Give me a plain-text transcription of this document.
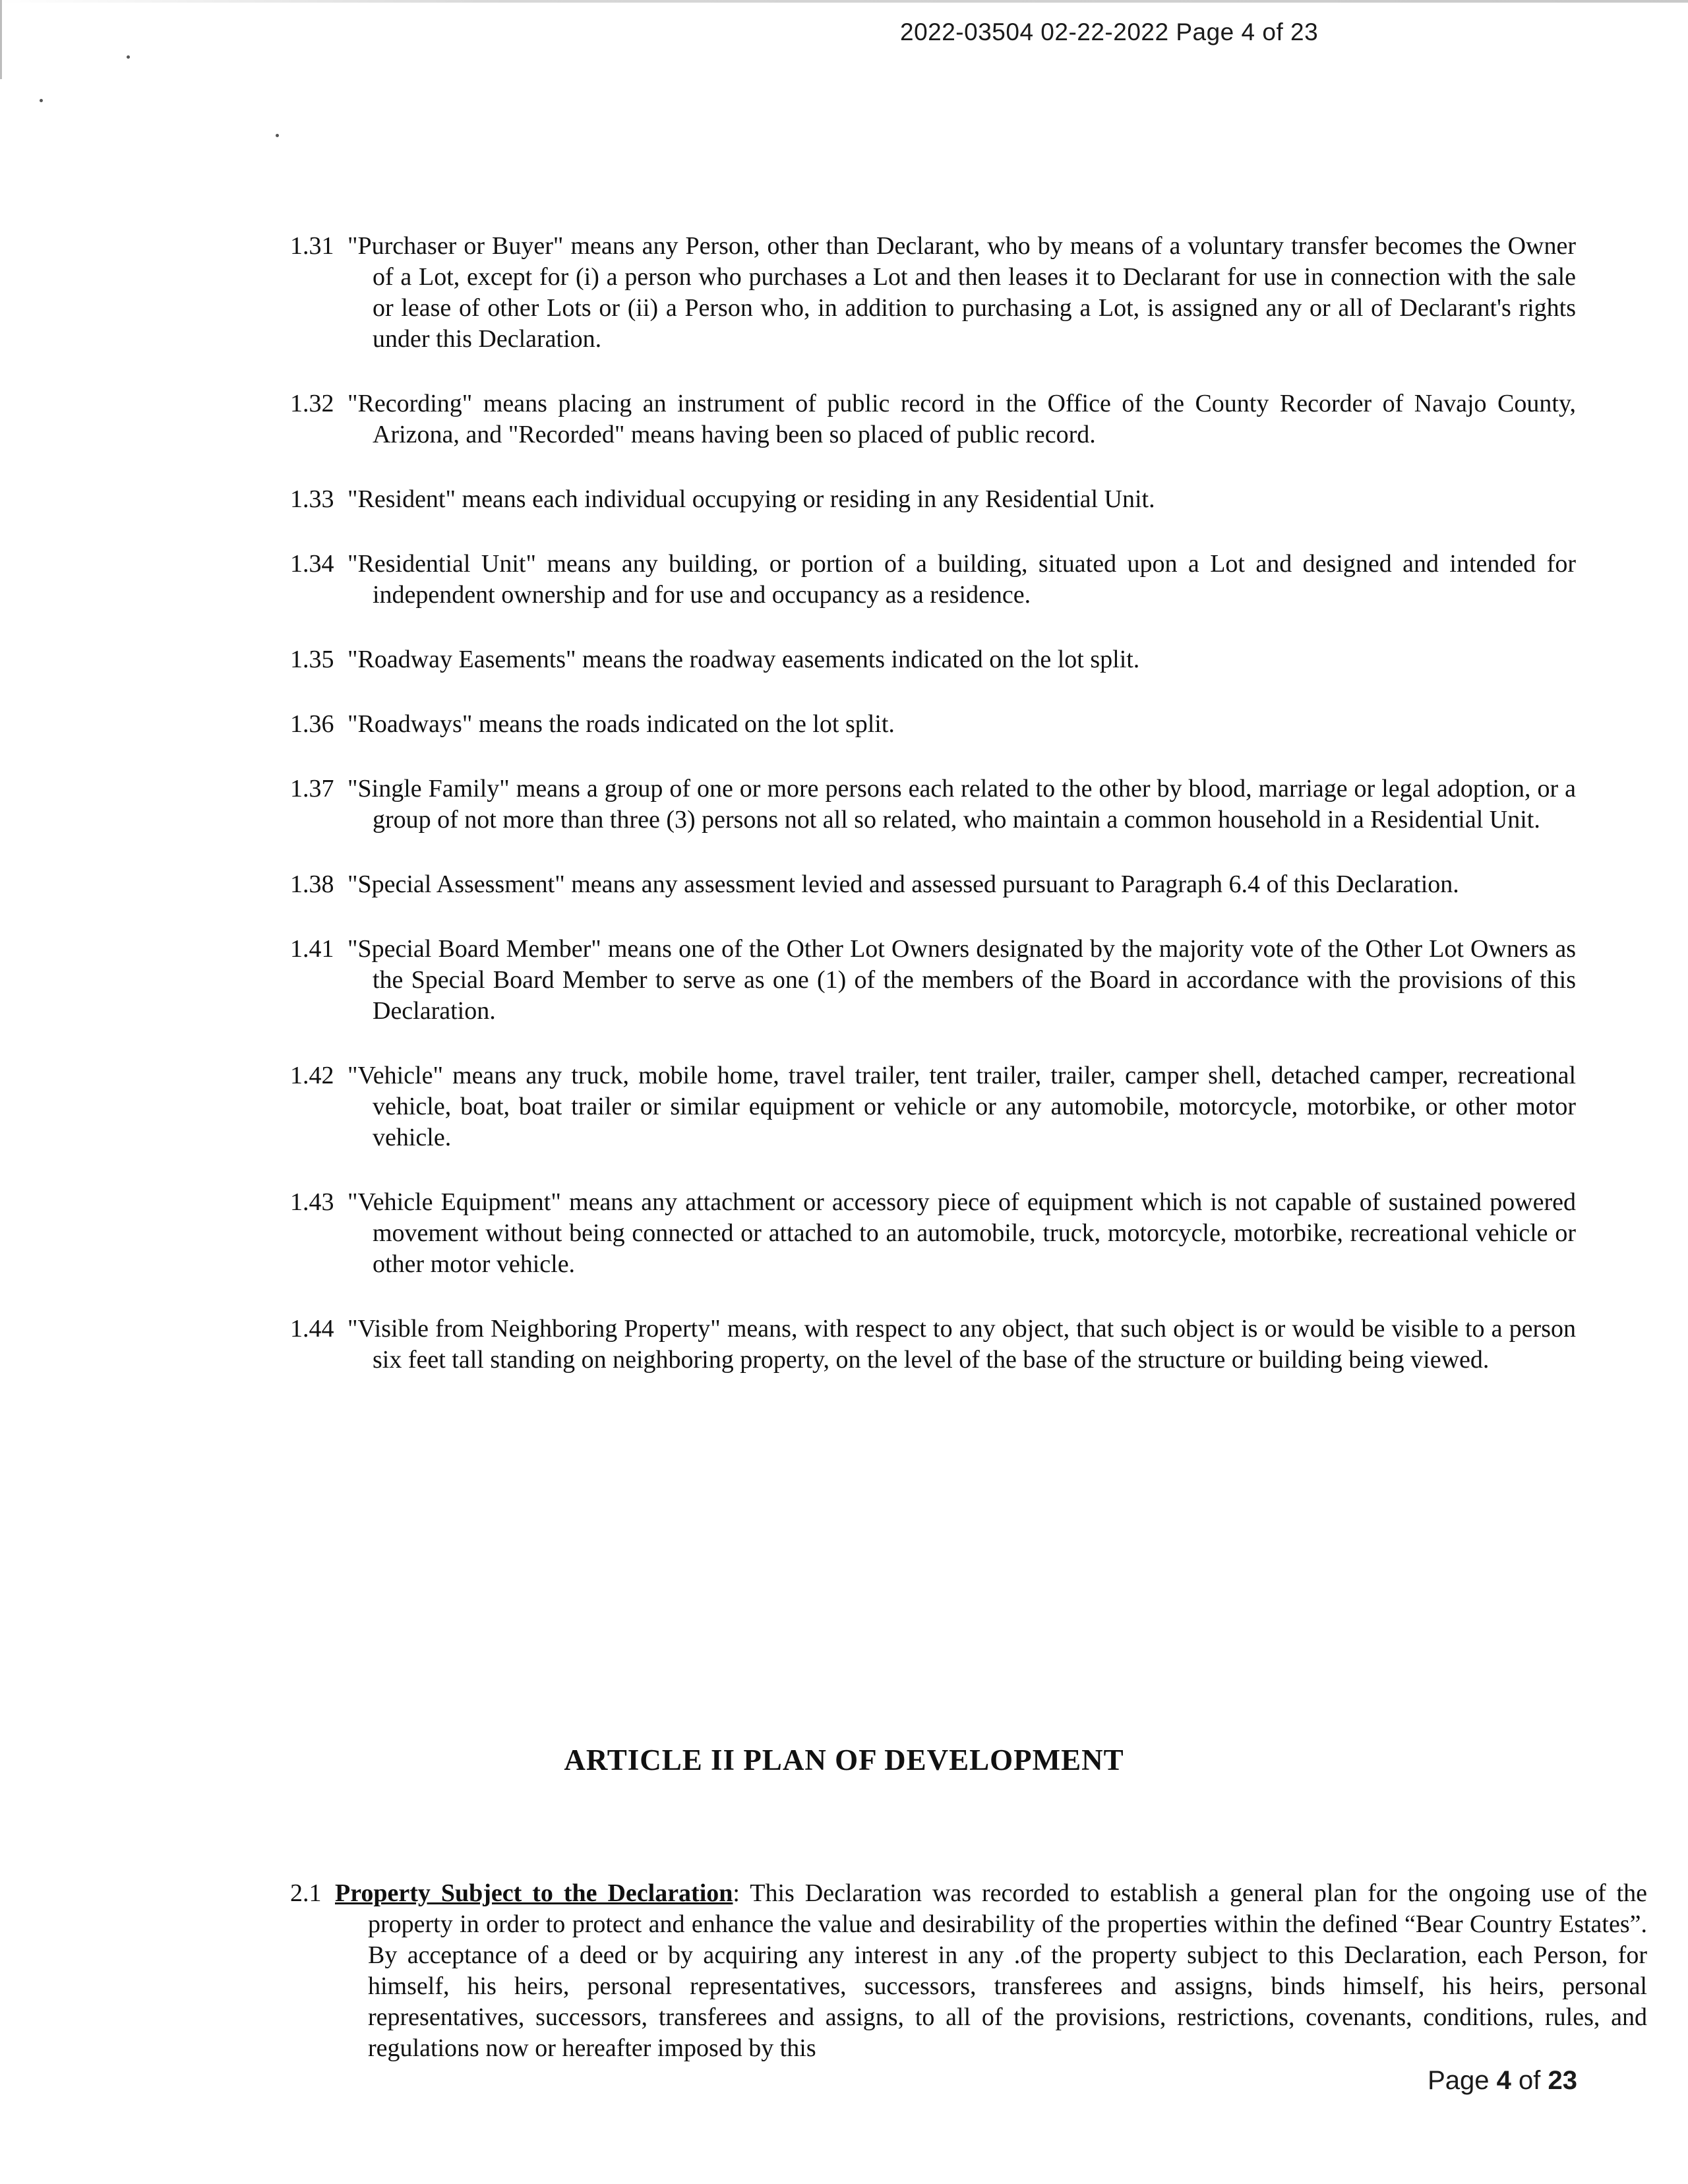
2022-03504 02-22-2022 Page 4 of 23

1.31 "Purchaser or Buyer" means any Person, other than Declarant, who by means of a voluntary transfer becomes the Owner of a Lot, except for (i) a person who purchases a Lot and then leases it to Declarant for use in connection with the sale or lease of other Lots or (ii) a Person who, in addition to purchasing a Lot, is assigned any or all of Declarant's rights under this Declaration.

1.32 "Recording" means placing an instrument of public record in the Office of the County Recorder of Navajo County, Arizona, and "Recorded" means having been so placed of public record.

1.33 "Resident" means each individual occupying or residing in any Residential Unit.

1.34 "Residential Unit" means any building, or portion of a building, situated upon a Lot and designed and intended for independent ownership and for use and occupancy as a residence.

1.35 "Roadway Easements" means the roadway easements indicated on the lot split.

1.36 "Roadways" means the roads indicated on the lot split.

1.37 "Single Family" means a group of one or more persons each related to the other by blood, marriage or legal adoption, or a group of not more than three (3) persons not all so related, who maintain a common household in a Residential Unit.

1.38 "Special Assessment" means any assessment levied and assessed pursuant to Paragraph 6.4 of this Declaration.

1.41 "Special Board Member" means one of the Other Lot Owners designated by the majority vote of the Other Lot Owners as the Special Board Member to serve as one (1) of the members of the Board in accordance with the provisions of this Declaration.

1.42 "Vehicle" means any truck, mobile home, travel trailer, tent trailer, trailer, camper shell, detached camper, recreational vehicle, boat, boat trailer or similar equipment or vehicle or any automobile, motorcycle, motorbike, or other motor vehicle.

1.43 "Vehicle Equipment" means any attachment or accessory piece of equipment which is not capable of sustained powered movement without being connected or attached to an automobile, truck, motorcycle, motorbike, recreational vehicle or other motor vehicle.

1.44 "Visible from Neighboring Property" means, with respect to any object, that such object is or would be visible to a person six feet tall standing on neighboring property, on the level of the base of the structure or building being viewed.

ARTICLE II PLAN OF DEVELOPMENT

2.1 Property Subject to the Declaration: This Declaration was recorded to establish a general plan for the ongoing use of the property in order to protect and enhance the value and desirability of the properties within the defined “Bear Country Estates”. By acceptance of a deed or by acquiring any interest in any .of the property subject to this Declaration, each Person, for himself, his heirs, personal representatives, successors, transferees and assigns, binds himself, his heirs, personal representatives, successors, transferees and assigns, to all of the provisions, restrictions, covenants, conditions, rules, and regulations now or hereafter imposed by this

Page 4 of 23
